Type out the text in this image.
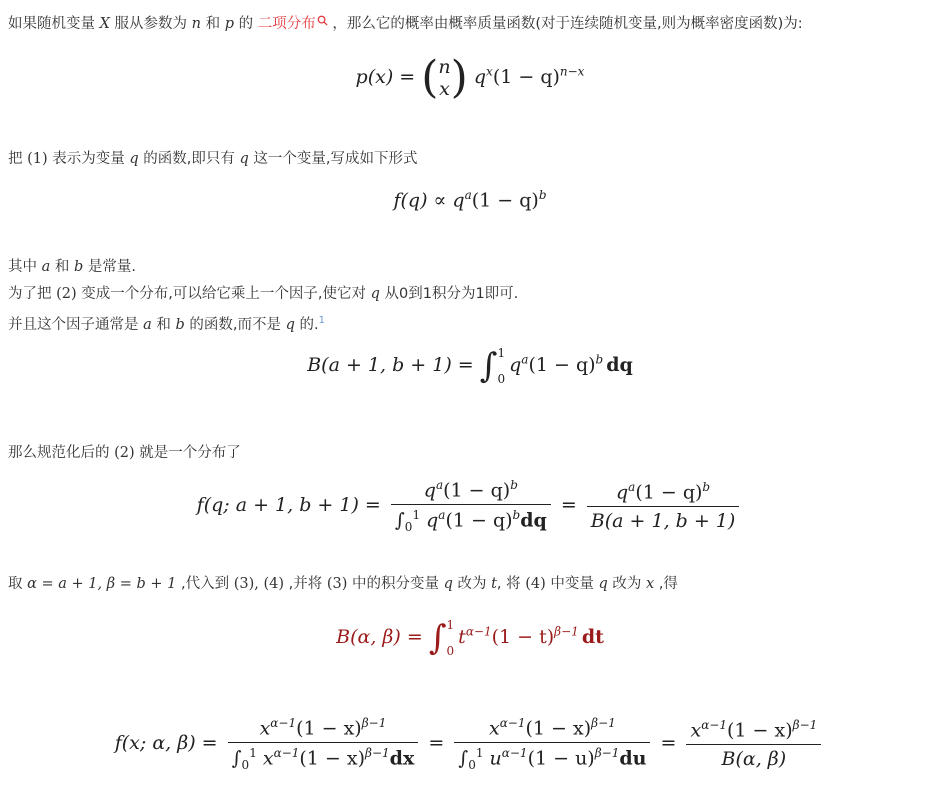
如果随机变量 X 服从参数为 n 和 p 的 二项分布 ，那么它的概率由概率质量函数(对于连续随机变量,则为概率密度函数)为:
p(x) = (n
x) $q^x(1 - q)^{n-x}$
把 (1) 表示为变量 q 的函数,即只有 q 这一个变量,写成如下形式
$f(q) \propto q^a(1 - q)^b$
其中 a 和 b 是常量.
为了把 (2) 变成一个分布,可以给它乘上一个因子,使它对 q 从0到1积分为1即可.
并且这个因子通常是 a 和 b 的函数,而不是 q 的.$^1$
B(a + 1, b + 1) = ∫1
$0q^a(1 - q)^b$ dq
那么规范化后的 (2) 就是一个分布了
f(q; a + 1, $b + 1) = \frac{q^a(1 - q)^b}{\int_0^1 q^a(1 - q)^bdq} = \frac{q^a(1 - q)^b}{B(a + 1, b + 1)}$
取 α = a + 1, β = b + 1 ,代入到 (3), (4) ,并将 (3) 中的积分变量 q 改为 t, 将 (4) 中变量 q 改为 x ,得
B(α, β) = ∫1
$0t^{\alpha-1}(1 - t)^{\beta-1}$ dt
f(x; α, $\beta) = \frac{x^{\alpha-1}(1 - x)^{\beta-1}}{\int_0^1 x^{\alpha-1}(1 - x)^{\beta-1}dx} = \frac{x^{\alpha-1}(1 - x)^{\beta-1}}{\int_0^1 u^{\alpha-1}(1 - u)^{\beta-1}du} = \frac{x^{\alpha-1}(1 - x)^{\beta-1}}{B(\alpha, \beta)}$
